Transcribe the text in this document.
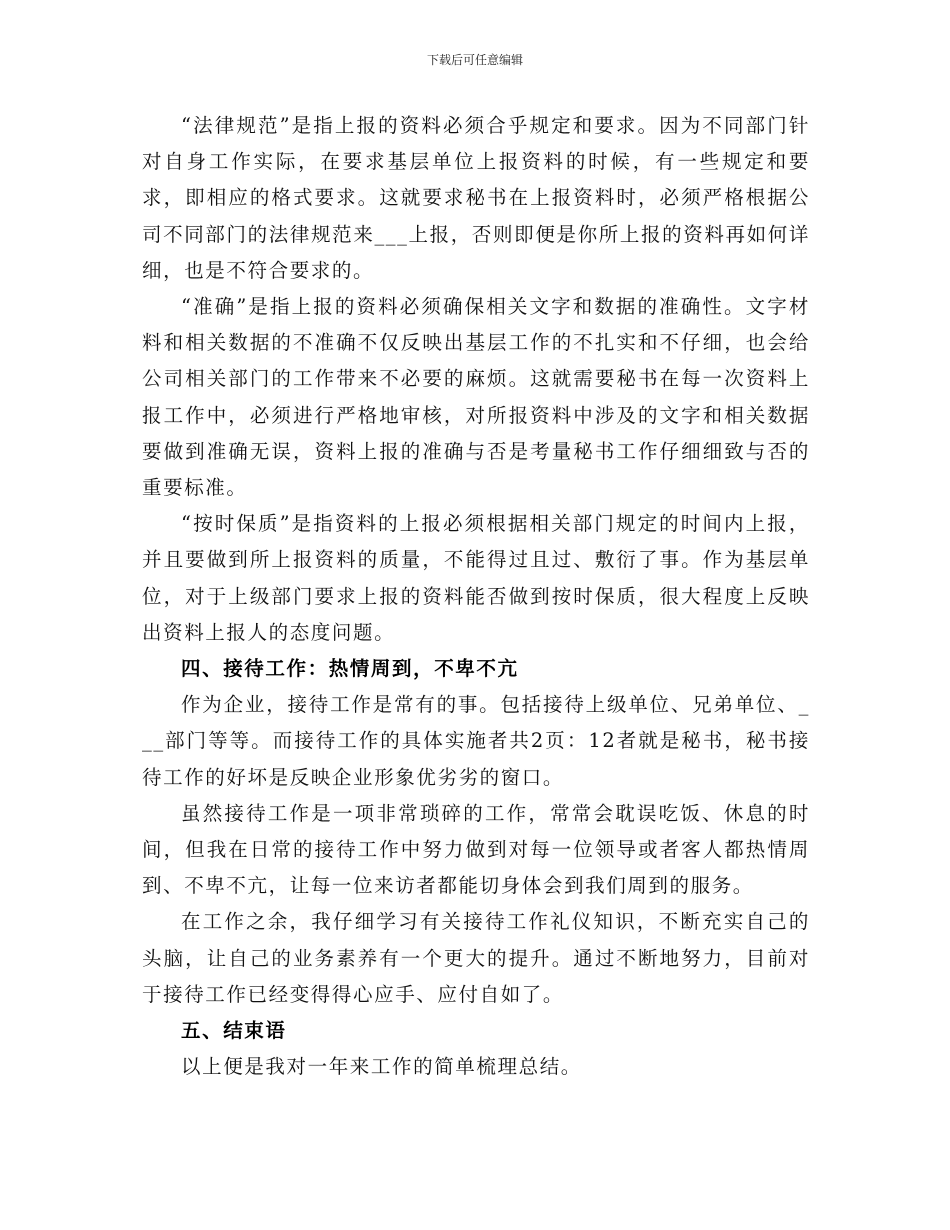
下载后可任意编辑

“法律规范”是指上报的资料必须合乎规定和要求。因为不同部门针对自身工作实际，在要求基层单位上报资料的时候，有一些规定和要求，即相应的格式要求。这就要求秘书在上报资料时，必须严格根据公司不同部门的法律规范来___上报，否则即便是你所上报的资料再如何详细，也是不符合要求的。

“准确”是指上报的资料必须确保相关文字和数据的准确性。文字材料和相关数据的不准确不仅反映出基层工作的不扎实和不仔细，也会给公司相关部门的工作带来不必要的麻烦。这就需要秘书在每一次资料上报工作中，必须进行严格地审核，对所报资料中涉及的文字和相关数据要做到准确无误，资料上报的准确与否是考量秘书工作仔细细致与否的重要标准。

“按时保质”是指资料的上报必须根据相关部门规定的时间内上报，并且要做到所上报资料的质量，不能得过且过、敷衍了事。作为基层单位，对于上级部门要求上报的资料能否做到按时保质，很大程度上反映出资料上报人的态度问题。

四、接待工作：热情周到，不卑不亢

作为企业，接待工作是常有的事。包括接待上级单位、兄弟单位、___部门等等。而接待工作的具体实施者共2页：12者就是秘书，秘书接待工作的好坏是反映企业形象优劣劣的窗口。

虽然接待工作是一项非常琐碎的工作，常常会耽误吃饭、休息的时间，但我在日常的接待工作中努力做到对每一位领导或者客人都热情周到、不卑不亢，让每一位来访者都能切身体会到我们周到的服务。

在工作之余，我仔细学习有关接待工作礼仪知识，不断充实自己的头脑，让自己的业务素养有一个更大的提升。通过不断地努力，目前对于接待工作已经变得得心应手、应付自如了。

五、结束语

以上便是我对一年来工作的简单梳理总结。
